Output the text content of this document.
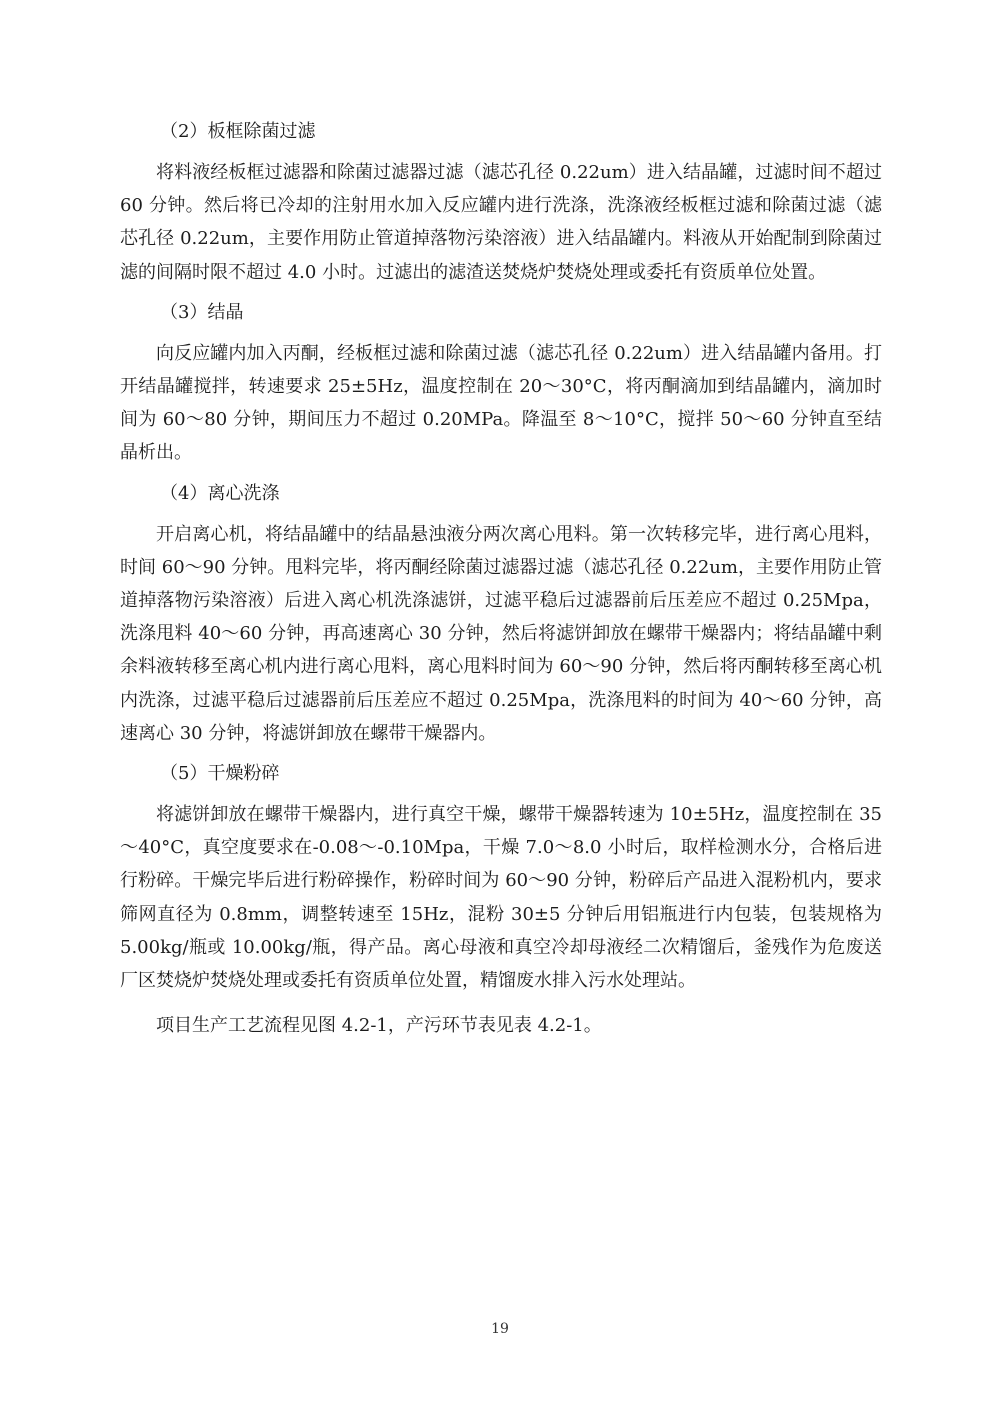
（2）板框除菌过滤

将料液经板框过滤器和除菌过滤器过滤（滤芯孔径 0.22um）进入结晶罐，过滤时间不超过 60 分钟。然后将已冷却的注射用水加入反应罐内进行洗涤，洗涤液经板框过滤和除菌过滤（滤芯孔径 0.22um，主要作用防止管道掉落物污染溶液）进入结晶罐内。料液从开始配制到除菌过滤的间隔时限不超过 4.0 小时。过滤出的滤渣送焚烧炉焚烧处理或委托有资质单位处置。

（3）结晶

向反应罐内加入丙酮，经板框过滤和除菌过滤（滤芯孔径 0.22um）进入结晶罐内备用。打开结晶罐搅拌，转速要求 25±5Hz，温度控制在 20～30°C，将丙酮滴加到结晶罐内，滴加时间为 60～80 分钟，期间压力不超过 0.20MPa。降温至 8～10°C，搅拌 50～60 分钟直至结晶析出。

（4）离心洗涤

开启离心机，将结晶罐中的结晶悬浊液分两次离心甩料。第一次转移完毕，进行离心甩料，时间 60～90 分钟。甩料完毕，将丙酮经除菌过滤器过滤（滤芯孔径 0.22um，主要作用防止管道掉落物污染溶液）后进入离心机洗涤滤饼，过滤平稳后过滤器前后压差应不超过 0.25Mpa，洗涤甩料 40～60 分钟，再高速离心 30 分钟，然后将滤饼卸放在螺带干燥器内；将结晶罐中剩余料液转移至离心机内进行离心甩料，离心甩料时间为 60～90 分钟，然后将丙酮转移至离心机内洗涤，过滤平稳后过滤器前后压差应不超过 0.25Mpa，洗涤甩料的时间为 40～60 分钟，高速离心 30 分钟，将滤饼卸放在螺带干燥器内。

（5）干燥粉碎

将滤饼卸放在螺带干燥器内，进行真空干燥，螺带干燥器转速为 10±5Hz，温度控制在 35～40°C，真空度要求在-0.08～-0.10Mpa，干燥 7.0～8.0 小时后，取样检测水分，合格后进行粉碎。干燥完毕后进行粉碎操作，粉碎时间为 60～90 分钟，粉碎后产品进入混粉机内，要求筛网直径为 0.8mm，调整转速至 15Hz，混粉 30±5 分钟后用铝瓶进行内包装，包装规格为 5.00kg/瓶或 10.00kg/瓶，得产品。离心母液和真空冷却母液经二次精馏后，釜残作为危废送厂区焚烧炉焚烧处理或委托有资质单位处置，精馏废水排入污水处理站。

项目生产工艺流程见图 4.2-1，产污环节表见表 4.2-1。

19
